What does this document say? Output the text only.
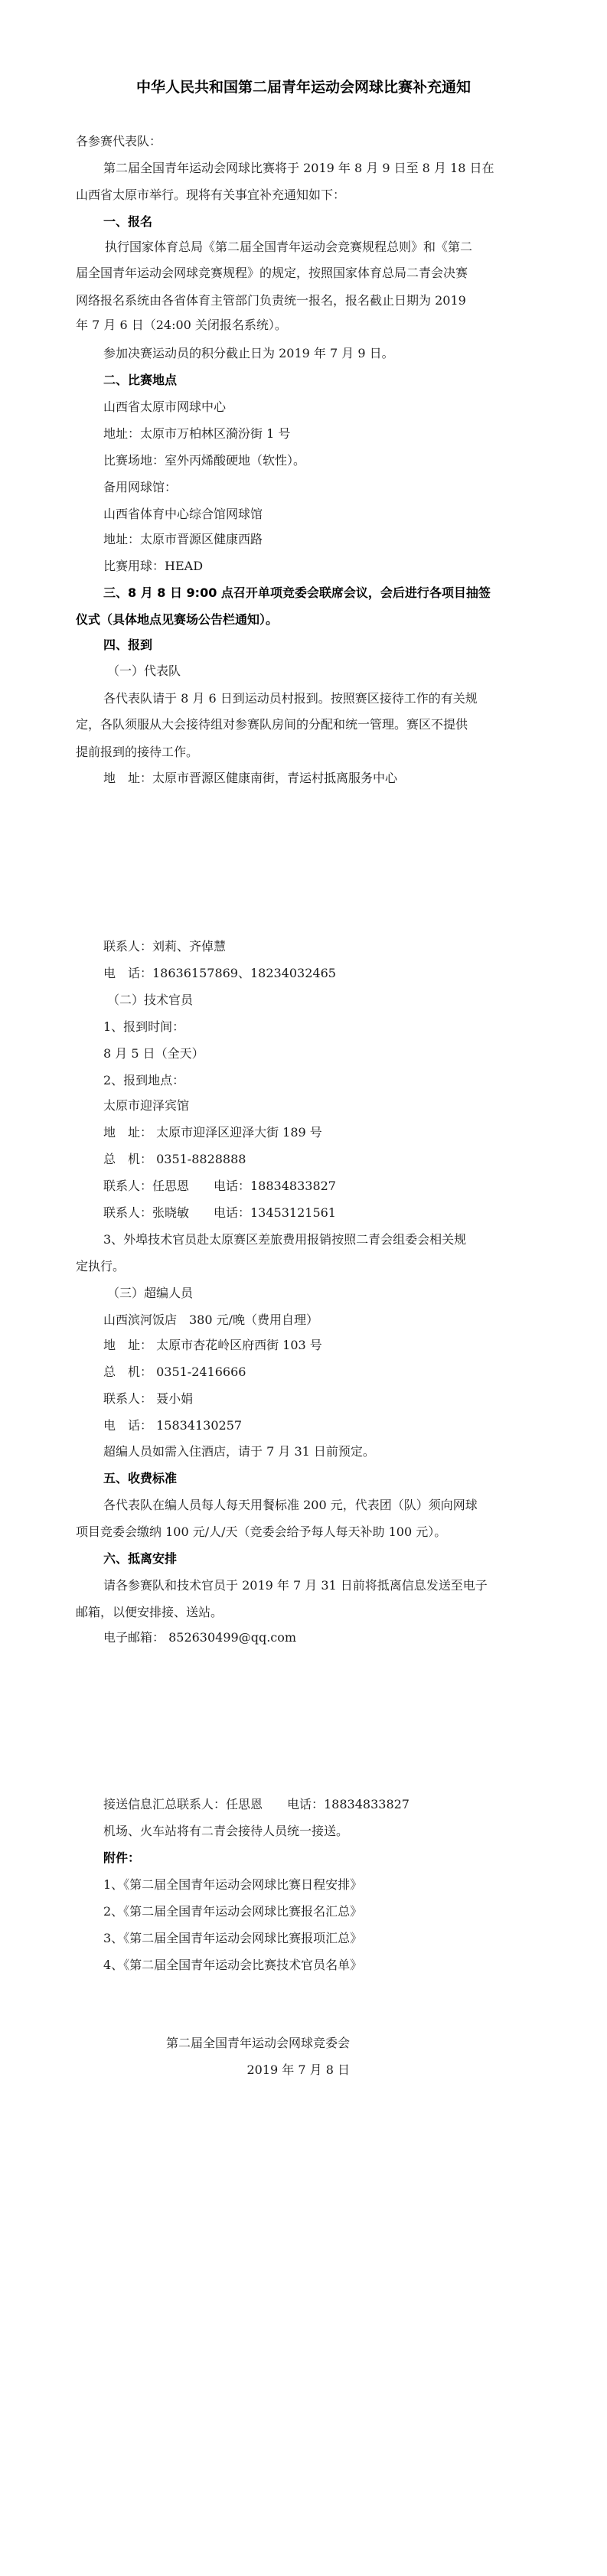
中华人民共和国第二届青年运动会网球比赛补充通知
各参赛代表队：
第二届全国青年运动会网球比赛将于 2019 年 8 月 9 日至 8 月 18 日在
山西省太原市举行。现将有关事宜补充通知如下：
一、报名
执行国家体育总局《第二届全国青年运动会竞赛规程总则》和《第二
届全国青年运动会网球竞赛规程》的规定，按照国家体育总局二青会决赛
网络报名系统由各省体育主管部门负责统一报名，报名截止日期为 2019
年 7 月 6 日（24:00 关闭报名系统）。
参加决赛运动员的积分截止日为 2019 年 7 月 9 日。
二、比赛地点
山西省太原市网球中心
地址：太原市万柏林区漪汾街 1 号
比赛场地：室外丙烯酸硬地（软性）。
备用网球馆：
山西省体育中心综合馆网球馆
地址：太原市晋源区健康西路
比赛用球：HEAD
三、8 月 8 日 9:00 点召开单项竞委会联席会议，会后进行各项目抽签
仪式（具体地点见赛场公告栏通知）。
四、报到
（一）代表队
各代表队请于 8 月 6 日到运动员村报到。按照赛区接待工作的有关规
定，各队须服从大会接待组对参赛队房间的分配和统一管理。赛区不提供
提前报到的接待工作。
地　址：太原市晋源区健康南街，青运村抵离服务中心
联系人：刘莉、齐倬慧
电　话：18636157869、18234032465
（二）技术官员
1、报到时间：
8 月 5 日（全天）
2、报到地点：
太原市迎泽宾馆
地　址： 太原市迎泽区迎泽大街 189 号
总　机： 0351-8828888
联系人：任思恩　　电话：18834833827
联系人：张晓敏　　电话：13453121561
3、外埠技术官员赴太原赛区差旅费用报销按照二青会组委会相关规
定执行。
（三）超编人员
山西滨河饭店　380 元/晚（费用自理）
地　址： 太原市杏花岭区府西街 103 号
总　机： 0351-2416666
联系人： 聂小娟
电　话： 15834130257
超编人员如需入住酒店，请于 7 月 31 日前预定。
五、收费标准
各代表队在编人员每人每天用餐标准 200 元，代表团（队）须向网球
项目竞委会缴纳 100 元/人/天（竞委会给予每人每天补助 100 元）。
六、抵离安排
请各参赛队和技术官员于 2019 年 7 月 31 日前将抵离信息发送至电子
邮箱，以便安排接、送站。
电子邮箱： 852630499@qq.com
接送信息汇总联系人：任思恩　　电话：18834833827
机场、火车站将有二青会接待人员统一接送。
附件：
1、《第二届全国青年运动会网球比赛日程安排》
2、《第二届全国青年运动会网球比赛报名汇总》
3、《第二届全国青年运动会网球比赛报项汇总》
4、《第二届全国青年运动会比赛技术官员名单》
第二届全国青年运动会网球竞委会
2019 年 7 月 8 日
